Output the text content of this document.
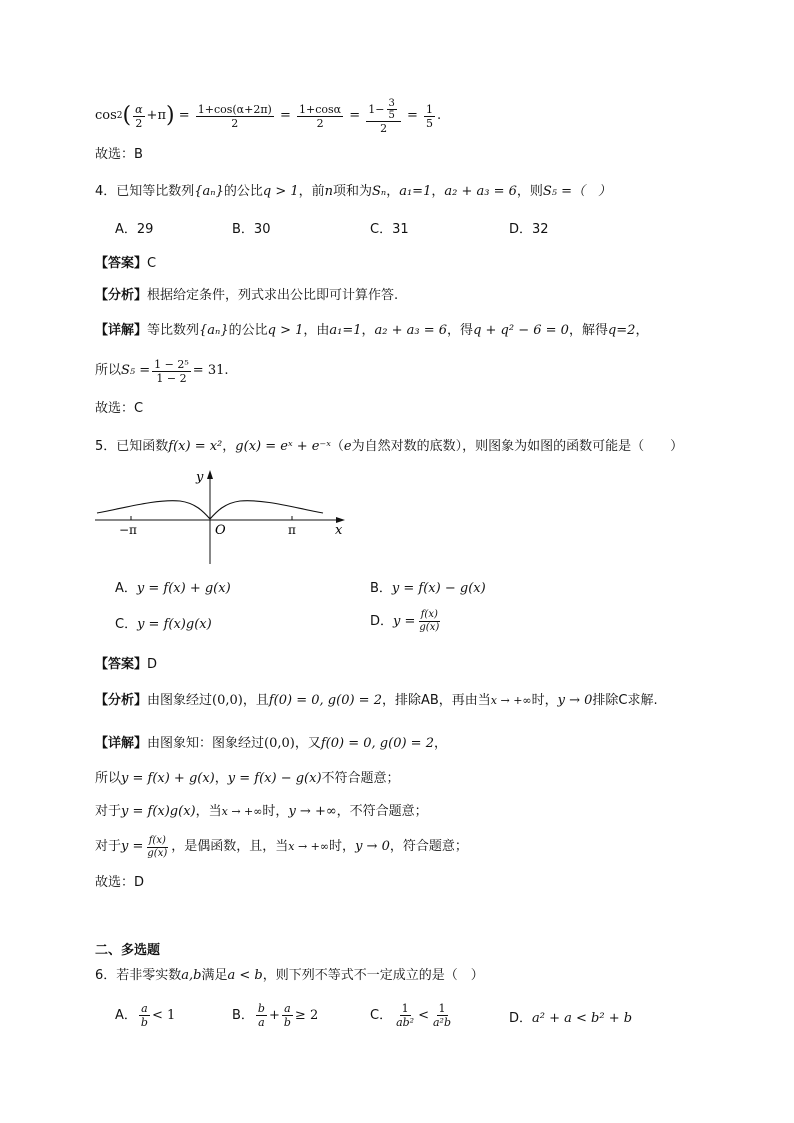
cos 2 ( $\frac{\alpha}{2} +\pi$ ) = $\frac{1+\cos(\alpha+2\pi)}{2} = \frac{1+\cos\alpha}{2} = \frac{1- \frac{3}{5}}{2} = \frac{1}{5}$ .
故选：B
4．已知等比数列{aₙ}的公比q > 1，前n项和为Sₙ，a₁=1，a₂ + a₃ = 6，则S₅ =（　）
A．29	B．30	C．31	D．32
【答案】C
【分析】根据给定条件，列式求出公比即可计算作答.
【详解】等比数列{aₙ}的公比q > 1，由a₁=1，a₂ + a₃ = 6，得q + q² − 6 = 0，解得q=2，
所以 $S_5 = \frac{\text{1 − 2⁵}}{1 - 2} = 31$ .
故选：C
5．已知函数f(x) = x²，g(x) = eˣ + e⁻ˣ（e为自然对数的底数），则图象为如图的函数可能是（　　）
y
x
O
−π	π
A．y = f(x) + g(x)	B．y = f(x) − g(x)
C．y = f(x)g(x)	D． $y = \frac{f(x)}{g(x)}$
【答案】D
【分析】由图象经过(0,0)，且f(0) = 0, g(0) = 2，排除AB，再由当x → +∞时，y → 0排除C求解.
【详解】由图象知：图象经过(0,0)，又f(0) = 0, g(0) = 2，
所以y = f(x) + g(x)，y = f(x) − g(x)不符合题意；
对于y = f(x)g(x)，当x → +∞时，y → +∞，不符合题意；
对于 $y = \frac{f(x)}{g(x)}$ ，是偶函数，且，当 x → +∞ 时， y → 0 ，符合题意；
故选：D
二、多选题
6．若非零实数a,b满足a < b，则下列不等式不一定成立的是（　）
A． $\frac{a}{b} < 1$	B． $\frac{b}{a} + \frac{a}{b} \ge 2$	C． $\frac{1}{\text{ab²}} < \frac{1}{\text{a²b}}$	D．a² + a < b² + b
